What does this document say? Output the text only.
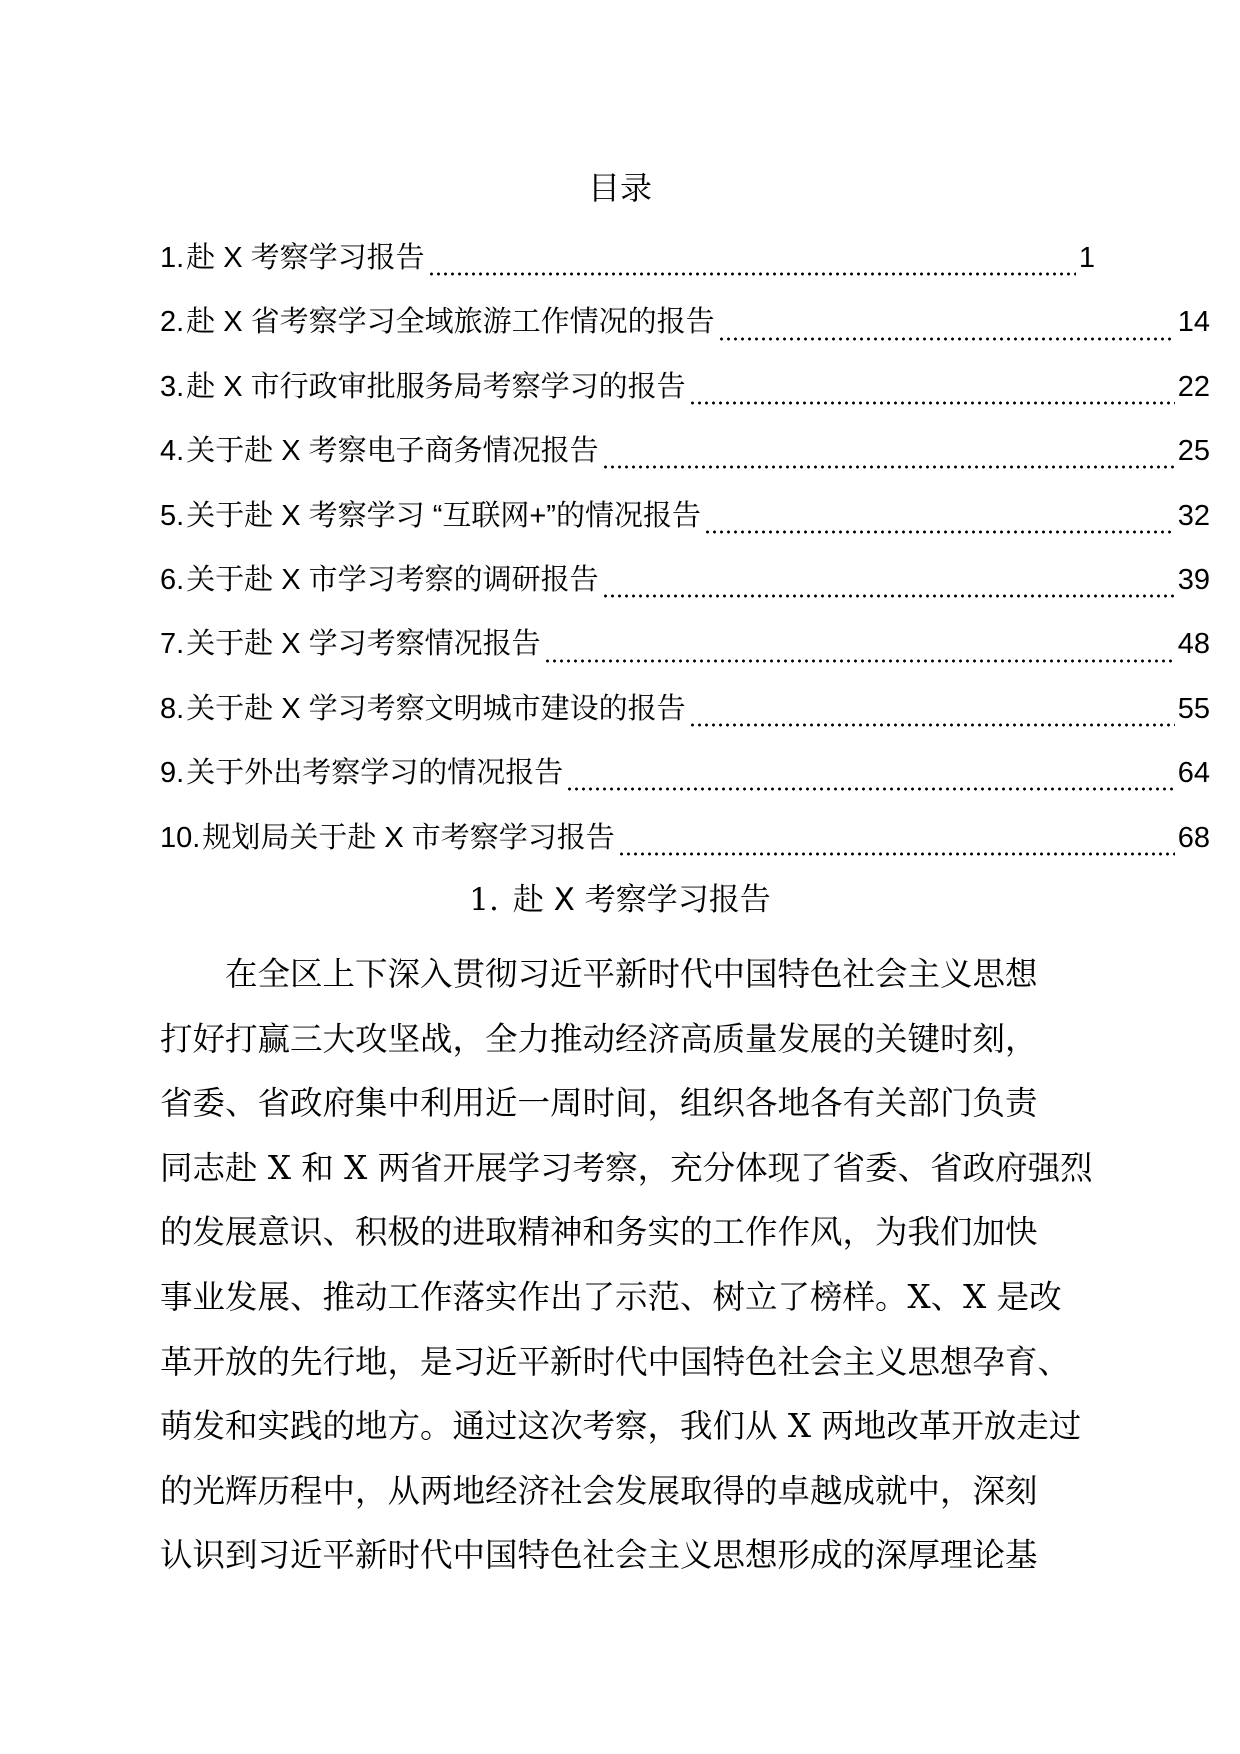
目录
1. 赴 X 考察学习报告	1
2. 赴 X 省考察学习全域旅游工作情况的报告	14
3. 赴 X 市行政审批服务局考察学习的报告	22
4. 关于赴 X 考察电子商务情况报告	25
5. 关于赴 X 考察学习 “互联网+”的情况报告	32
6. 关于赴 X 市学习考察的调研报告	39
7. 关于赴 X 学习考察情况报告	48
8. 关于赴 X 学习考察文明城市建设的报告	55
9. 关于外出考察学习的情况报告	64
10. 规划局关于赴 X 市考察学习报告	68
1. 赴 X 考察学习报告
　　在全区上下深入贯彻习近平新时代中国特色社会主义思想
打好打赢三大攻坚战，全力推动经济高质量发展的关键时刻，
省委、省政府集中利用近一周时间，组织各地各有关部门负责
同志赴 X 和 X 两省开展学习考察，充分体现了省委、省政府强烈
的发展意识、积极的进取精神和务实的工作作风，为我们加快
事业发展、推动工作落实作出了示范、树立了榜样。X、X 是改
革开放的先行地，是习近平新时代中国特色社会主义思想孕育、
萌发和实践的地方。通过这次考察，我们从 X 两地改革开放走过
的光辉历程中，从两地经济社会发展取得的卓越成就中，深刻
认识到习近平新时代中国特色社会主义思想形成的深厚理论基
